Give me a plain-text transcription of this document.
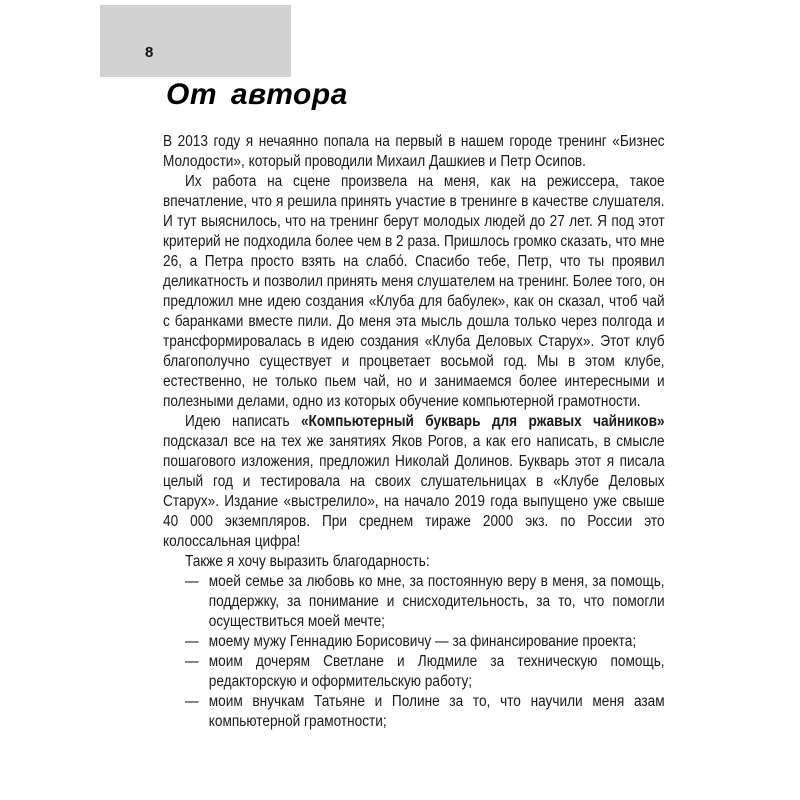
8
От автора

В 2013 году я нечаянно попала на первый в нашем городе тренинг «Бизнес Молодости», который проводили Михаил Дашкиев и Петр Осипов.

Их работа на сцене произвела на меня, как на режиссера, такое впечатление, что я решила принять участие в тренинге в качестве слушателя. И тут выяснилось, что на тренинг берут молодых людей до 27 лет. Я под этот критерий не подходила более чем в 2 раза. Пришлось громко сказать, что мне 26, а Петра просто взять на слабо́. Спасибо тебе, Петр, что ты проявил деликатность и позволил принять меня слушателем на тренинг. Более того, он предложил мне идею создания «Клуба для бабулек», как он сказал, чтоб чай с баранками вместе пили. До меня эта мысль дошла только через полгода и трансформировалась в идею создания «Клуба Деловых Старух». Этот клуб благополучно существует и процветает восьмой год. Мы в этом клубе, естественно, не только пьем чай, но и занимаемся более интересными и полезными делами, одно из которых обучение компьютерной грамотности.

Идею написать «Компьютерный букварь для ржавых чайников» подсказал все на тех же занятиях Яков Рогов, а как его написать, в смысле пошагового изложения, предложил Николай Долинов. Букварь этот я писала целый год и тестировала на своих слушательницах в «Клубе Деловых Старух». Издание «выстрелило», на начало 2019 года выпущено уже свыше 40 000 экземпляров. При среднем тираже 2000 экз. по России это колоссальная цифра!

Также я хочу выразить благодарность:

— моей семье за любовь ко мне, за постоянную веру в меня, за помощь, поддержку, за понимание и снисходительность, за то, что помогли осуществиться моей мечте;
— моему мужу Геннадию Борисовичу — за финансирование проекта;
— моим дочерям Светлане и Людмиле за техническую помощь, редакторскую и оформительскую работу;
— моим внучкам Татьяне и Полине за то, что научили меня азам компьютерной грамотности;
